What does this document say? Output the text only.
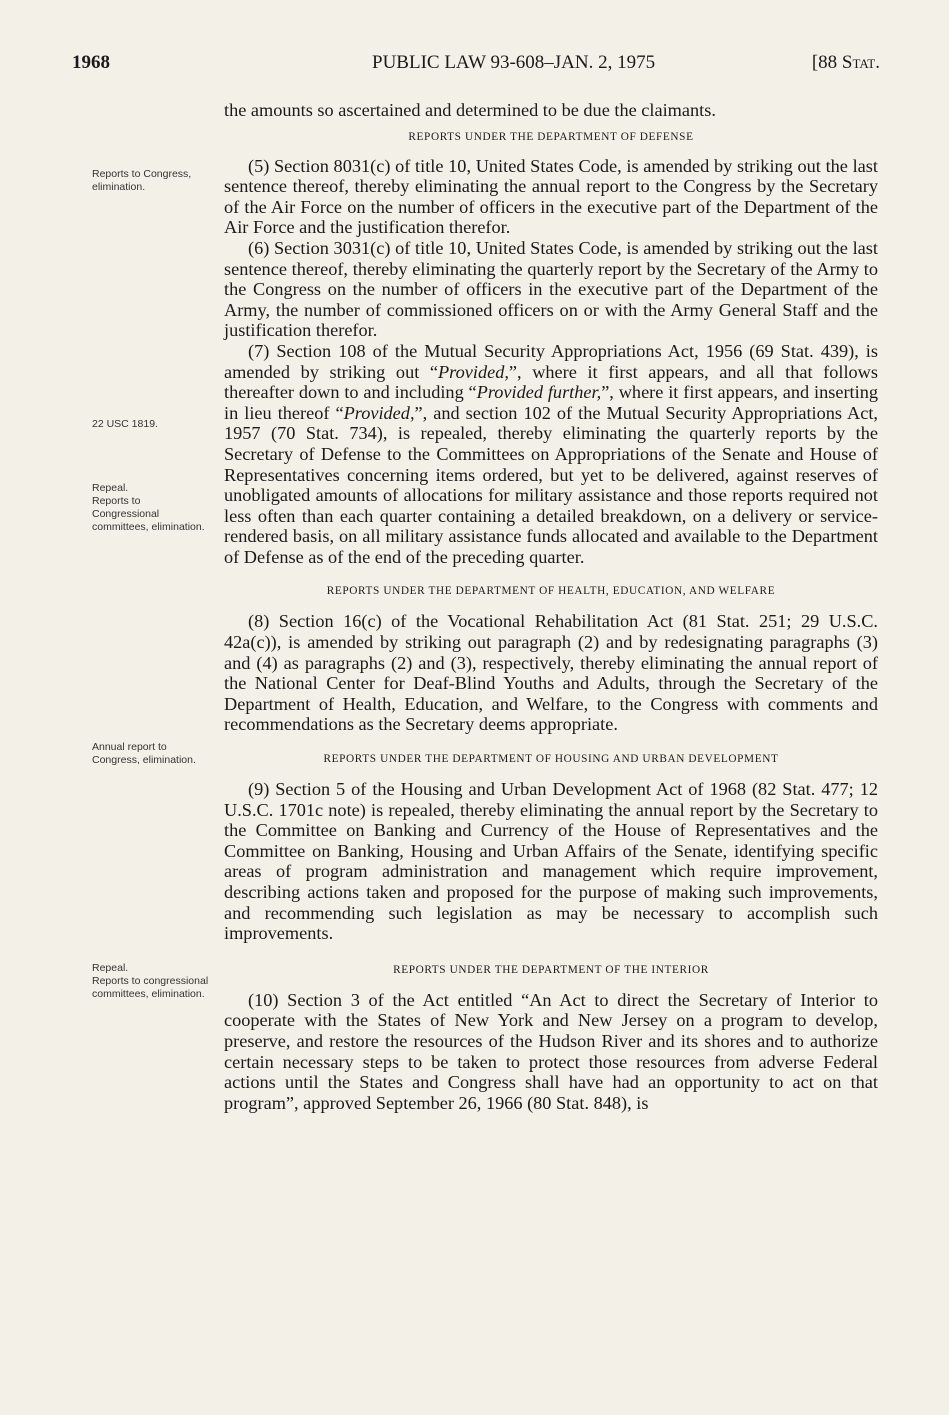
1968	PUBLIC LAW 93-608–JAN. 2, 1975	[88 Stat.
Reports to Congress, elimination.
22 USC 1819.
Repeal.
Reports to Congressional committees, elimination.
Annual report to Congress, elimination.
Repeal.
Reports to congressional committees, elimination.

the amounts so ascertained and determined to be due the claimants.

REPORTS UNDER THE DEPARTMENT OF DEFENSE

(5) Section 8031(c) of title 10, United States Code, is amended by striking out the last sentence thereof, thereby eliminating the annual report to the Congress by the Secretary of the Air Force on the number of officers in the executive part of the Department of the Air Force and the justification therefor.

(6) Section 3031(c) of title 10, United States Code, is amended by striking out the last sentence thereof, thereby eliminating the quarterly report by the Secretary of the Army to the Congress on the number of officers in the executive part of the Department of the Army, the number of commissioned officers on or with the Army General Staff and the justification therefor.

(7) Section 108 of the Mutual Security Appropriations Act, 1956 (69 Stat. 439), is amended by striking out “Provided,”, where it first appears, and all that follows thereafter down to and including “Provided further,”, where it first appears, and inserting in lieu thereof “Provided,”, and section 102 of the Mutual Security Appropriations Act, 1957 (70 Stat. 734), is repealed, thereby eliminating the quarterly reports by the Secretary of Defense to the Committees on Appropriations of the Senate and House of Representatives concerning items ordered, but yet to be delivered, against reserves of unobligated amounts of allocations for military assistance and those reports required not less often than each quarter containing a detailed breakdown, on a delivery or service-rendered basis, on all military assistance funds allocated and available to the Department of Defense as of the end of the preceding quarter.

REPORTS UNDER THE DEPARTMENT OF HEALTH, EDUCATION, AND WELFARE

(8) Section 16(c) of the Vocational Rehabilitation Act (81 Stat. 251; 29 U.S.C. 42a(c)), is amended by striking out paragraph (2) and by redesignating paragraphs (3) and (4) as paragraphs (2) and (3), respectively, thereby eliminating the annual report of the National Center for Deaf-Blind Youths and Adults, through the Secretary of the Department of Health, Education, and Welfare, to the Congress with comments and recommendations as the Secretary deems appropriate.

REPORTS UNDER THE DEPARTMENT OF HOUSING AND URBAN DEVELOPMENT

(9) Section 5 of the Housing and Urban Development Act of 1968 (82 Stat. 477; 12 U.S.C. 1701c note) is repealed, thereby eliminating the annual report by the Secretary to the Committee on Banking and Currency of the House of Representatives and the Committee on Banking, Housing and Urban Affairs of the Senate, identifying specific areas of program administration and management which require improvement, describing actions taken and proposed for the purpose of making such improvements, and recommending such legislation as may be necessary to accomplish such improvements.

REPORTS UNDER THE DEPARTMENT OF THE INTERIOR

(10) Section 3 of the Act entitled “An Act to direct the Secretary of Interior to cooperate with the States of New York and New Jersey on a program to develop, preserve, and restore the resources of the Hudson River and its shores and to authorize certain necessary steps to be taken to protect those resources from adverse Federal actions until the States and Congress shall have had an opportunity to act on that program”, approved September 26, 1966 (80 Stat. 848), is
